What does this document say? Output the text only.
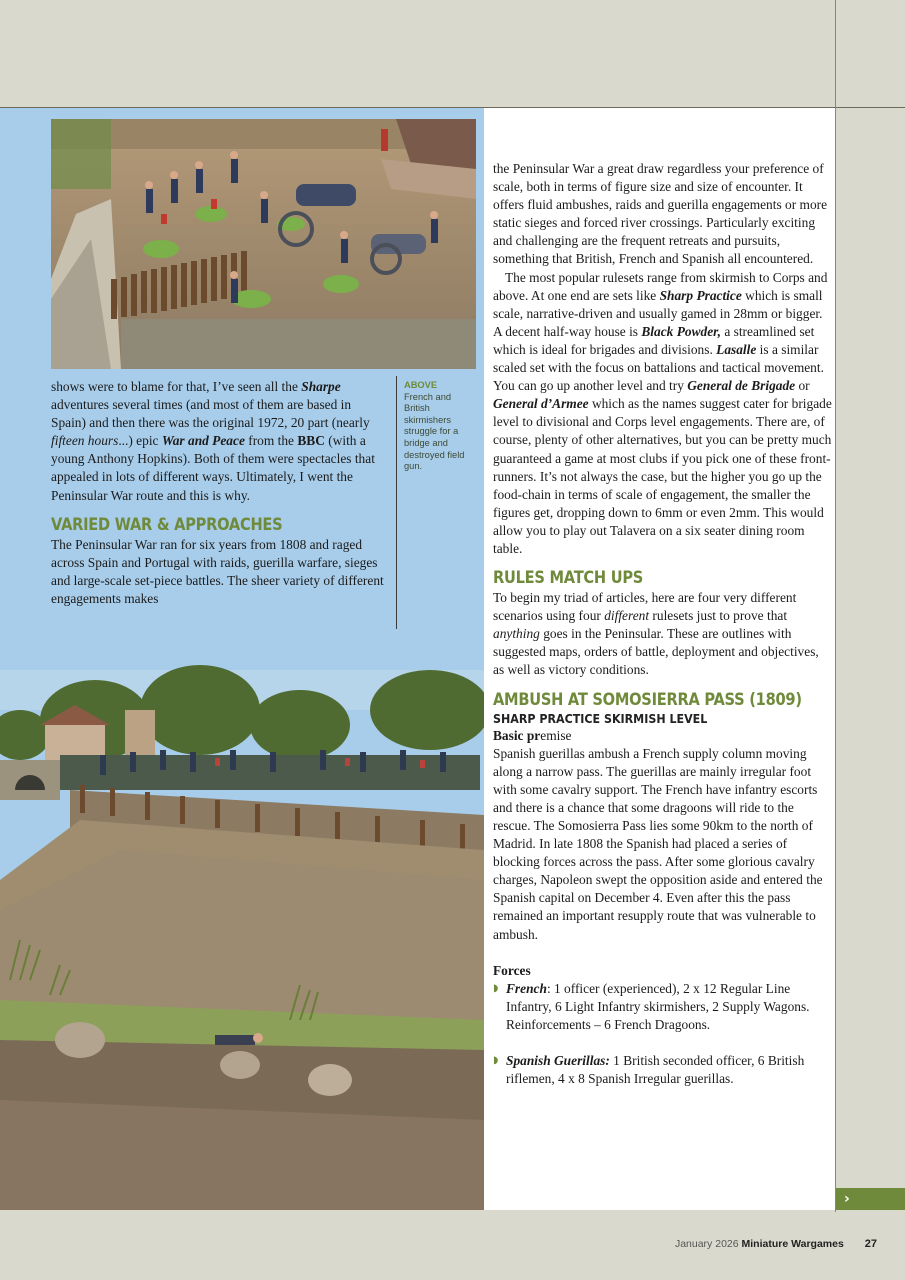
shows were to blame for that, I’ve seen all the Sharpe adventures several times (and most of them are based in Spain) and then there was the original 1972, 20 part (nearly fifteen hours...) epic War and Peace from the BBC (with a young Anthony Hopkins). Both of them were spectacles that appealed in lots of different ways. Ultimately, I went the Peninsular War route and this is why.

VARIED WAR & APPROACHES

The Peninsular War ran for six years from 1808 and raged across Spain and Portugal with raids, guerilla warfare, sieges and large-scale set-piece battles. The sheer variety of different engagements makes

ABOVE
French and British skirmishers struggle for a bridge and destroyed field gun.

the Peninsular War a great draw regardless your preference of scale, both in terms of figure size and size of encounter. It offers fluid ambushes, raids and guerilla engagements or more static sieges and forced river crossings. Particularly exciting and challenging are the frequent retreats and pursuits, something that British, French and Spanish all encountered.

The most popular rulesets range from skirmish to Corps and above. At one end are sets like Sharp Practice which is small scale, narrative-driven and usually gamed in 28mm or bigger. A decent half-way house is Black Powder, a streamlined set which is ideal for brigades and divisions. Lasalle is a similar scaled set with the focus on battalions and tactical movement. You can go up another level and try General de Brigade or General d’Armee which as the names suggest cater for brigade level to divisional and Corps level engagements. There are, of course, plenty of other alternatives, but you can be pretty much guaranteed a game at most clubs if you pick one of these front-runners. It’s not always the case, but the higher you go up the food-chain in terms of scale of engagement, the smaller the figures get, dropping down to 6mm or even 2mm. This would allow you to play out Talavera on a six seater dining room table.

RULES MATCH UPS

To begin my triad of articles, here are four very different scenarios using four different rulesets just to prove that anything goes in the Peninsular. These are outlines with suggested maps, orders of battle, deployment and objectives, as well as victory conditions.

AMBUSH AT SOMOSIERRA PASS (1809)
SHARP PRACTICE SKIRMISH LEVEL

Basic premise

Spanish guerillas ambush a French supply column moving along a narrow pass. The guerillas are mainly irregular foot with some cavalry support. The French have infantry escorts and there is a chance that some dragoons will ride to the rescue. The Somosierra Pass lies some 90km to the north of Madrid. In late 1808 the Spanish had placed a series of blocking forces across the pass. After some glorious cavalry charges, Napoleon swept the opposition aside and entered the Spanish capital on December 4. Even after this the pass remained an important resupply route that was vulnerable to ambush.

Forces

◗ French: 1 officer (experienced), 2 x 12 Regular Line Infantry, 6 Light Infantry skirmishers, 2 Supply Wagons. Reinforcements – 6 French Dragoons.
◗ Spanish Guerillas: 1 British seconded officer, 6 British riflemen, 4 x 8 Spanish Irregular guerillas.
›
January 2026 Miniature Wargames 27
